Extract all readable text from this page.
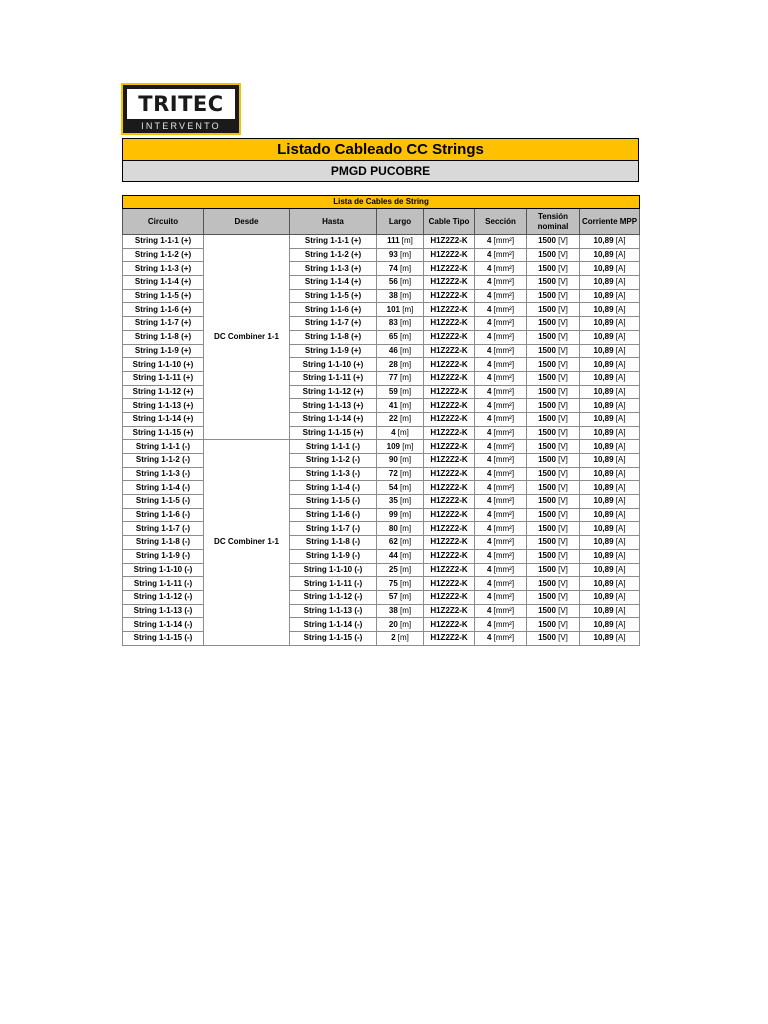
TRITEC
INTERVENTO
Listado Cableado CC Strings
PMGD PUCOBRE
Lista de Cables de String							
Circuito	Desde	Hasta	Largo	Cable Tipo	Sección	Tensión nominal	Corriente MPP
String 1-1-1 (+)	DC Combiner 1-1	String 1-1-1 (+)	111 [m]	H1Z2Z2-K	4 [mm²]	1500 [V]	10,89 [A]
String 1-1-2 (+)		String 1-1-2 (+)	93 [m]	H1Z2Z2-K	4 [mm²]	1500 [V]	10,89 [A]
String 1-1-3 (+)		String 1-1-3 (+)	74 [m]	H1Z2Z2-K	4 [mm²]	1500 [V]	10,89 [A]
String 1-1-4 (+)		String 1-1-4 (+)	56 [m]	H1Z2Z2-K	4 [mm²]	1500 [V]	10,89 [A]
String 1-1-5 (+)		String 1-1-5 (+)	38 [m]	H1Z2Z2-K	4 [mm²]	1500 [V]	10,89 [A]
String 1-1-6 (+)		String 1-1-6 (+)	101 [m]	H1Z2Z2-K	4 [mm²]	1500 [V]	10,89 [A]
String 1-1-7 (+)		String 1-1-7 (+)	83 [m]	H1Z2Z2-K	4 [mm²]	1500 [V]	10,89 [A]
String 1-1-8 (+)		String 1-1-8 (+)	65 [m]	H1Z2Z2-K	4 [mm²]	1500 [V]	10,89 [A]
String 1-1-9 (+)		String 1-1-9 (+)	46 [m]	H1Z2Z2-K	4 [mm²]	1500 [V]	10,89 [A]
String 1-1-10 (+)		String 1-1-10 (+)	28 [m]	H1Z2Z2-K	4 [mm²]	1500 [V]	10,89 [A]
String 1-1-11 (+)		String 1-1-11 (+)	77 [m]	H1Z2Z2-K	4 [mm²]	1500 [V]	10,89 [A]
String 1-1-12 (+)		String 1-1-12 (+)	59 [m]	H1Z2Z2-K	4 [mm²]	1500 [V]	10,89 [A]
String 1-1-13 (+)		String 1-1-13 (+)	41 [m]	H1Z2Z2-K	4 [mm²]	1500 [V]	10,89 [A]
String 1-1-14 (+)		String 1-1-14 (+)	22 [m]	H1Z2Z2-K	4 [mm²]	1500 [V]	10,89 [A]
String 1-1-15 (+)		String 1-1-15 (+)	4 [m]	H1Z2Z2-K	4 [mm²]	1500 [V]	10,89 [A]
String 1-1-1 (-)	DC Combiner 1-1	String 1-1-1 (-)	109 [m]	H1Z2Z2-K	4 [mm²]	1500 [V]	10,89 [A]
String 1-1-2 (-)		String 1-1-2 (-)	90 [m]	H1Z2Z2-K	4 [mm²]	1500 [V]	10,89 [A]
String 1-1-3 (-)		String 1-1-3 (-)	72 [m]	H1Z2Z2-K	4 [mm²]	1500 [V]	10,89 [A]
String 1-1-4 (-)		String 1-1-4 (-)	54 [m]	H1Z2Z2-K	4 [mm²]	1500 [V]	10,89 [A]
String 1-1-5 (-)		String 1-1-5 (-)	35 [m]	H1Z2Z2-K	4 [mm²]	1500 [V]	10,89 [A]
String 1-1-6 (-)		String 1-1-6 (-)	99 [m]	H1Z2Z2-K	4 [mm²]	1500 [V]	10,89 [A]
String 1-1-7 (-)		String 1-1-7 (-)	80 [m]	H1Z2Z2-K	4 [mm²]	1500 [V]	10,89 [A]
String 1-1-8 (-)		String 1-1-8 (-)	62 [m]	H1Z2Z2-K	4 [mm²]	1500 [V]	10,89 [A]
String 1-1-9 (-)		String 1-1-9 (-)	44 [m]	H1Z2Z2-K	4 [mm²]	1500 [V]	10,89 [A]
String 1-1-10 (-)		String 1-1-10 (-)	25 [m]	H1Z2Z2-K	4 [mm²]	1500 [V]	10,89 [A]
String 1-1-11 (-)		String 1-1-11 (-)	75 [m]	H1Z2Z2-K	4 [mm²]	1500 [V]	10,89 [A]
String 1-1-12 (-)		String 1-1-12 (-)	57 [m]	H1Z2Z2-K	4 [mm²]	1500 [V]	10,89 [A]
String 1-1-13 (-)		String 1-1-13 (-)	38 [m]	H1Z2Z2-K	4 [mm²]	1500 [V]	10,89 [A]
String 1-1-14 (-)		String 1-1-14 (-)	20 [m]	H1Z2Z2-K	4 [mm²]	1500 [V]	10,89 [A]
String 1-1-15 (-)		String 1-1-15 (-)	2 [m]	H1Z2Z2-K	4 [mm²]	1500 [V]	10,89 [A]
